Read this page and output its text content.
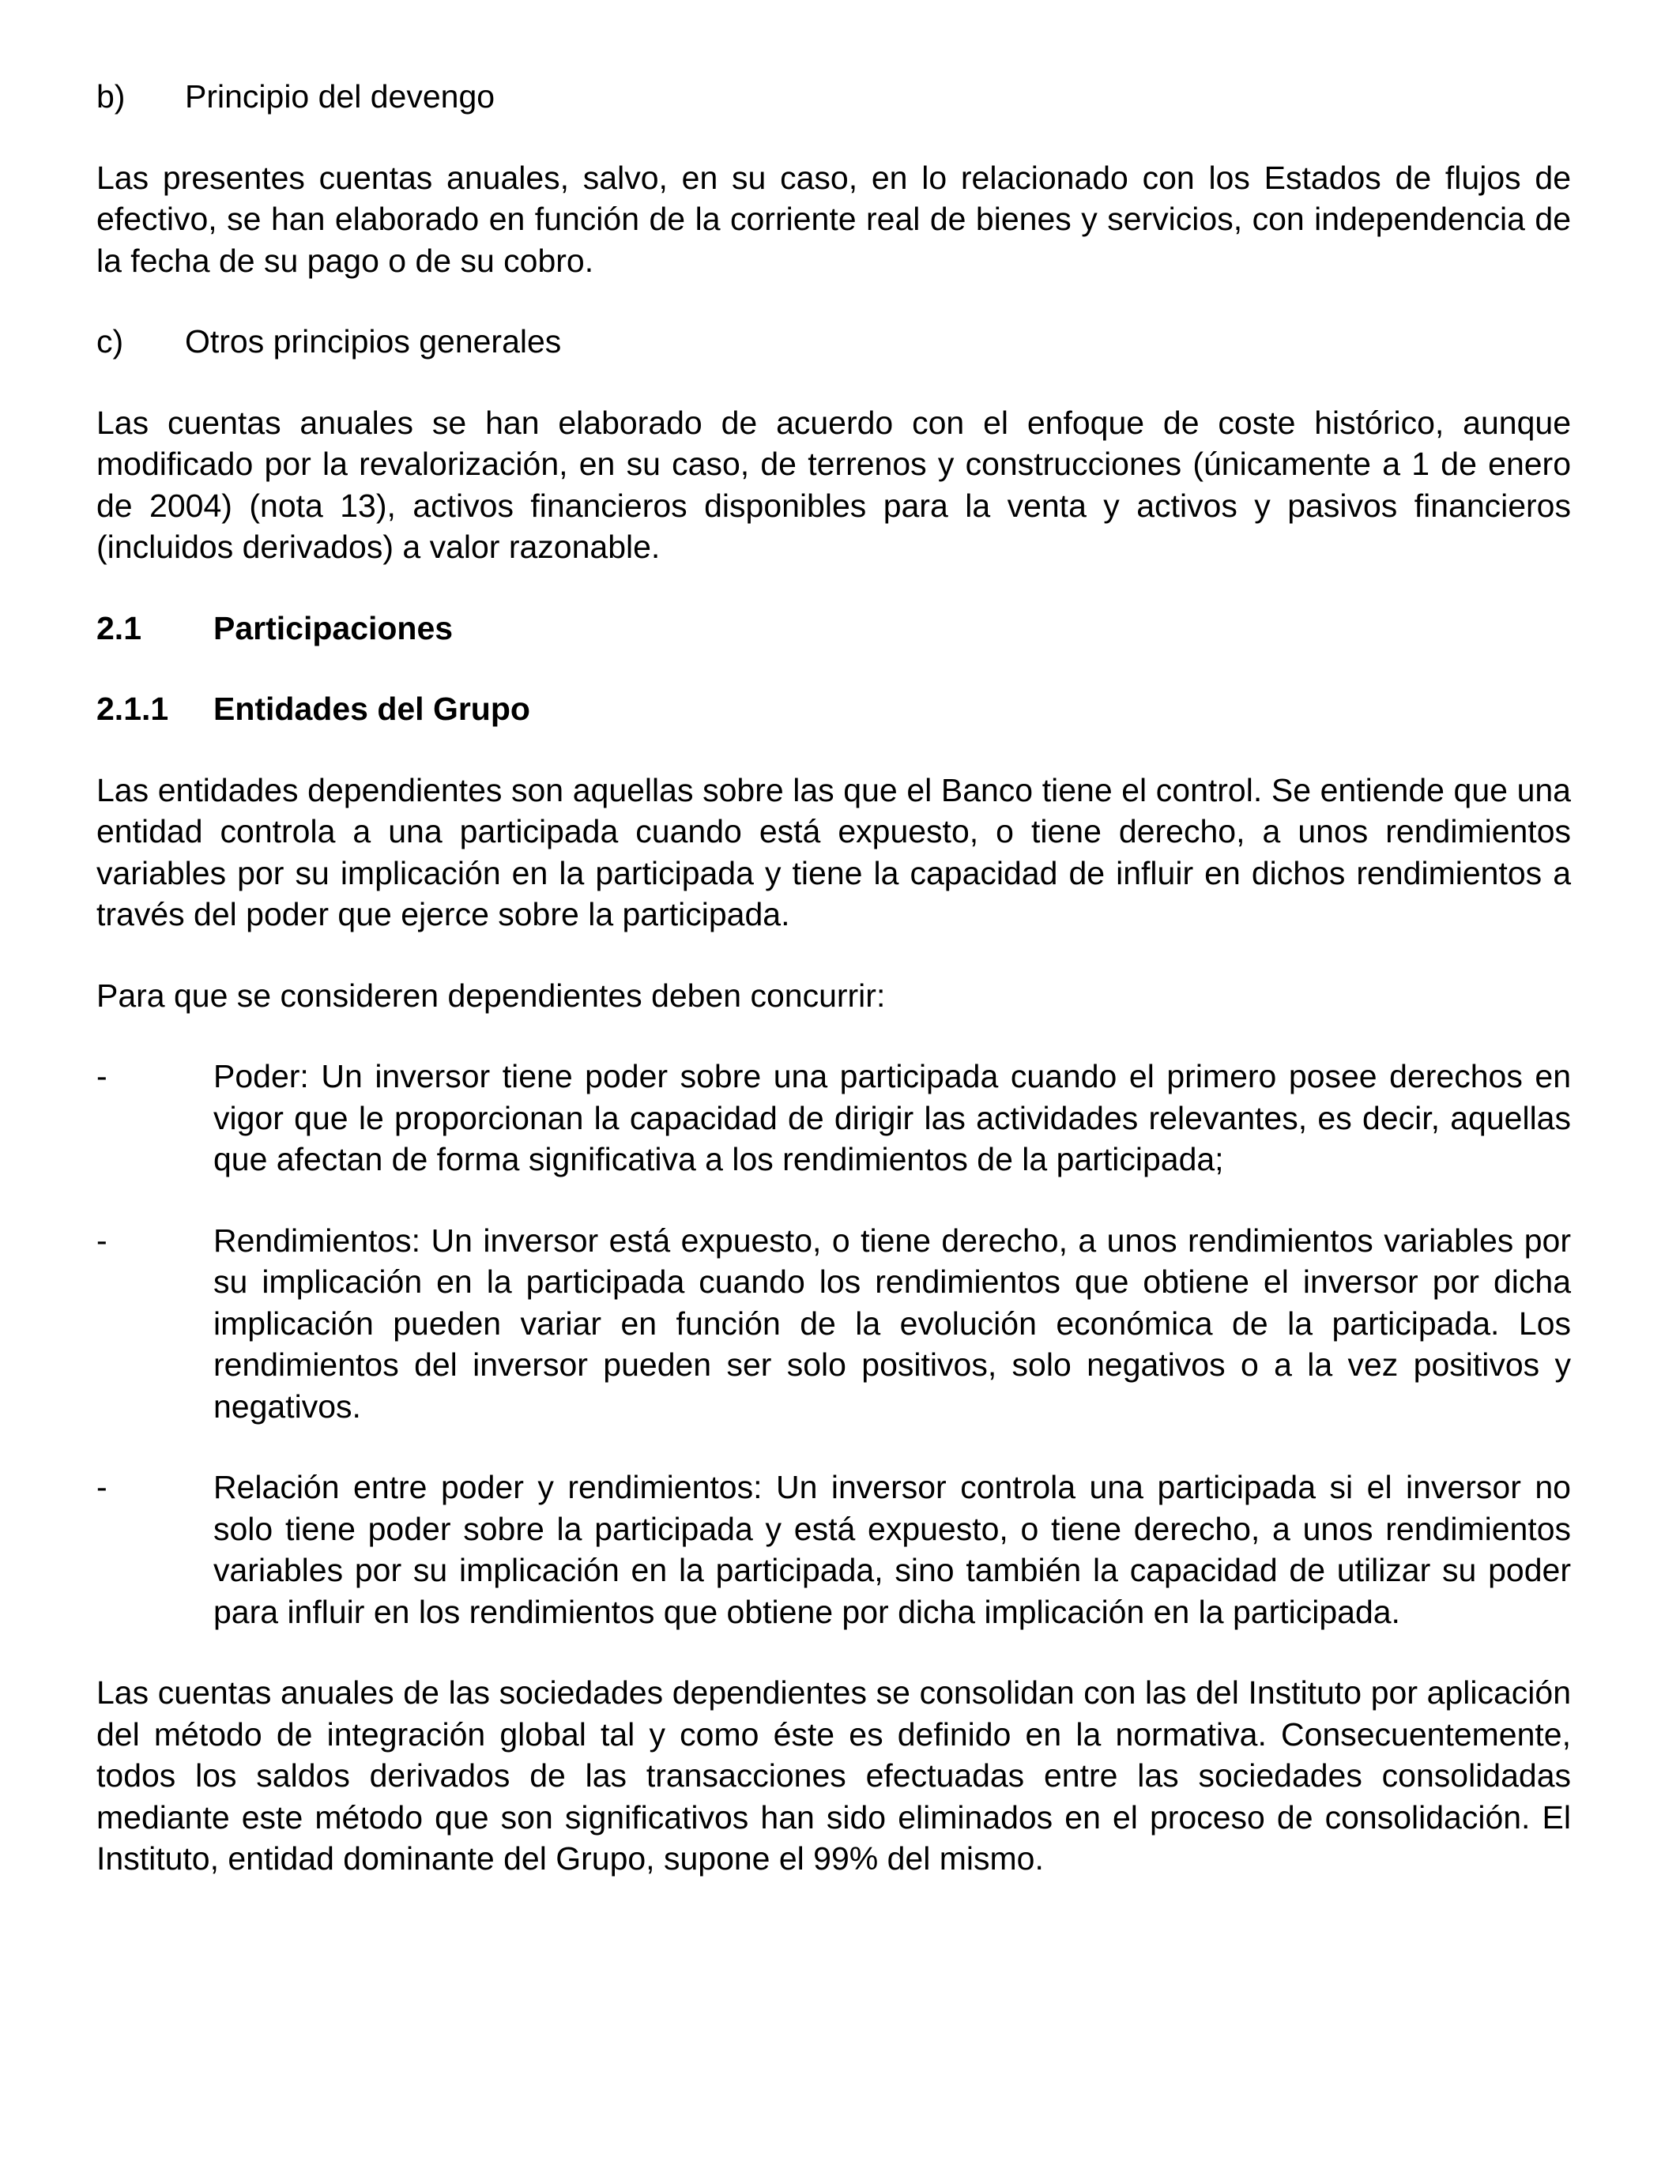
b)	Principio del devengo

Las presentes cuentas anuales, salvo, en su caso, en lo relacionado con los Estados de flujos de efectivo, se han elaborado en función de la corriente real de bienes y servicios, con independencia de la fecha de su pago o de su cobro.

c)	Otros principios generales

Las cuentas anuales se han elaborado de acuerdo con el enfoque de coste histórico, aunque modificado por la revalorización, en su caso, de terrenos y construcciones (únicamente a 1 de enero de 2004) (nota 13), activos financieros disponibles para la venta y activos y pasivos financieros (incluidos derivados) a valor razonable.

2.1	Participaciones
2.1.1	Entidades del Grupo

Las entidades dependientes son aquellas sobre las que el Banco tiene el control. Se entiende que una entidad controla a una participada cuando está expuesto, o tiene derecho, a unos rendimientos variables por su implicación en la participada y tiene la capacidad de influir en dichos rendimientos a través del poder que ejerce sobre la participada.

Para que se consideren dependientes deben concurrir:

-	Poder: Un inversor tiene poder sobre una participada cuando el primero posee derechos en vigor que le proporcionan la capacidad de dirigir las actividades relevantes, es decir, aquellas que afectan de forma significativa a los rendimientos de la participada;
-	Rendimientos: Un inversor está expuesto, o tiene derecho, a unos rendimientos variables por su implicación en la participada cuando los rendimientos que obtiene el inversor por dicha implicación pueden variar en función de la evolución económica de la participada. Los rendimientos del inversor pueden ser solo positivos, solo negativos o a la vez positivos y negativos.
-	Relación entre poder y rendimientos: Un inversor controla una participada si el inversor no solo tiene poder sobre la participada y está expuesto, o tiene derecho, a unos rendimientos variables por su implicación en la participada, sino también la capacidad de utilizar su poder para influir en los rendimientos que obtiene por dicha implicación en la participada.

Las cuentas anuales de las sociedades dependientes se consolidan con las del Instituto por aplicación del método de integración global tal y como éste es definido en la normativa. Consecuentemente, todos los saldos derivados de las transacciones efectuadas entre las sociedades consolidadas mediante este método que son significativos han sido eliminados en el proceso de consolidación. El Instituto, entidad dominante del Grupo, supone el 99% del mismo.
